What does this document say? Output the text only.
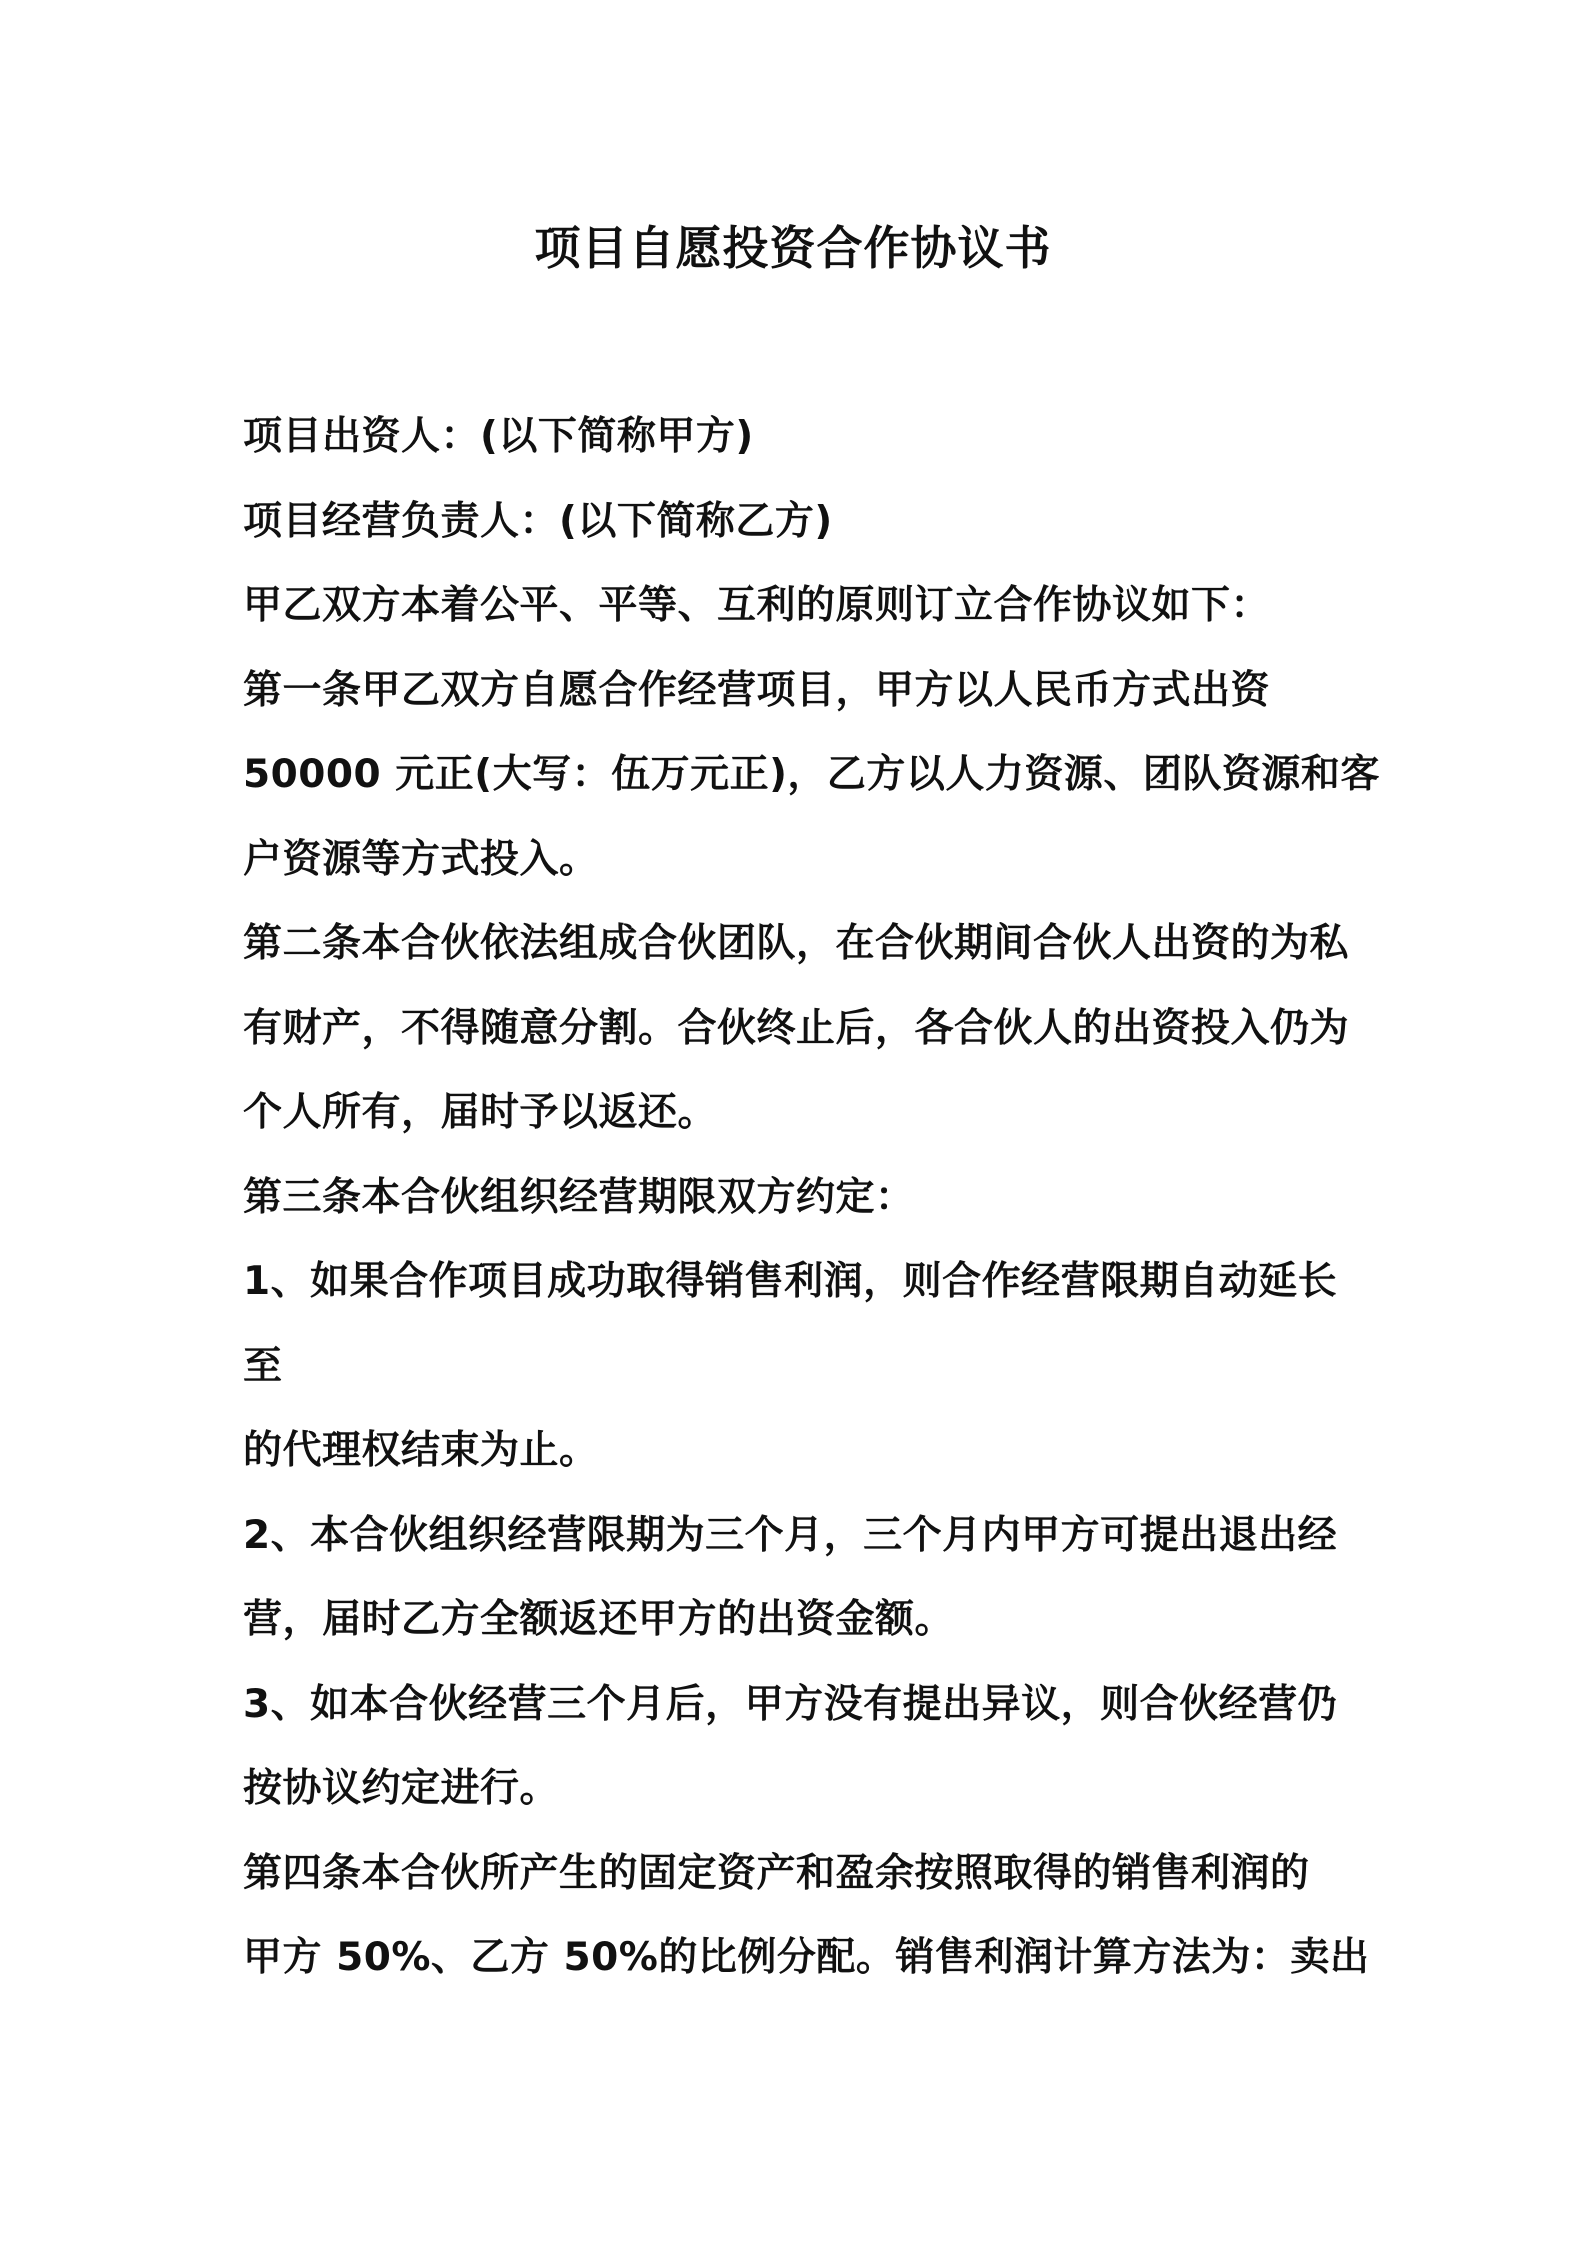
项目自愿投资合作协议书
项目出资人：(以下简称甲方)
项目经营负责人：(以下简称乙方)
甲乙双方本着公平、平等、互利的原则订立合作协议如下：
第一条甲乙双方自愿合作经营项目，甲方以人民币方式出资
50000 元正(大写：伍万元正)，乙方以人力资源、团队资源和客
户资源等方式投入。
第二条本合伙依法组成合伙团队，在合伙期间合伙人出资的为私
有财产，不得随意分割。合伙终止后，各合伙人的出资投入仍为
个人所有，届时予以返还。
第三条本合伙组织经营期限双方约定：
1、如果合作项目成功取得销售利润，则合作经营限期自动延长
至
的代理权结束为止。
2、本合伙组织经营限期为三个月，三个月内甲方可提出退出经
营，届时乙方全额返还甲方的出资金额。
3、如本合伙经营三个月后，甲方没有提出异议，则合伙经营仍
按协议约定进行。
第四条本合伙所产生的固定资产和盈余按照取得的销售利润的
甲方 50%、乙方 50%的比例分配。销售利润计算方法为：卖出
